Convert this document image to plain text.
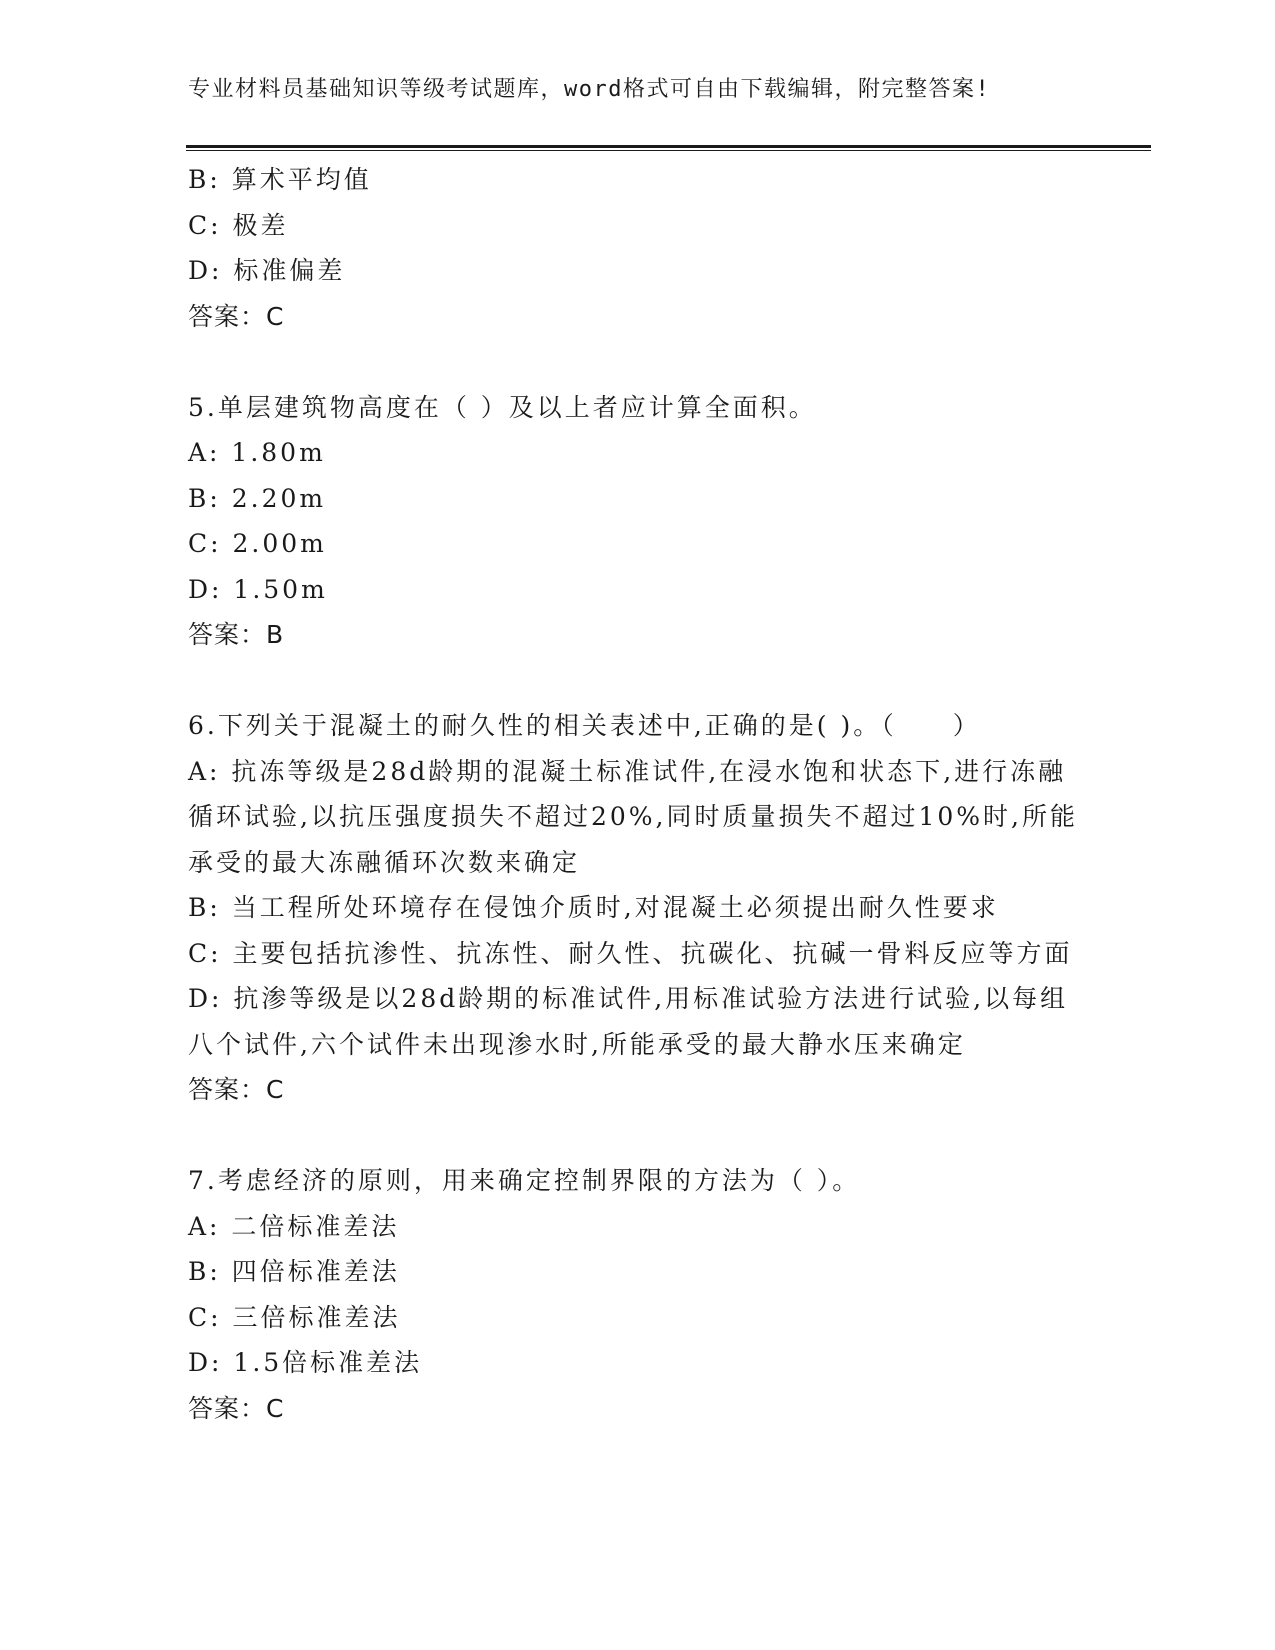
专业材料员基础知识等级考试题库，word格式可自由下载编辑，附完整答案!
B: 算术平均值
C: 极差
D: 标准偏差
答案：C
5.单层建筑物高度在（ ）及以上者应计算全面积。
A: 1.80m
B: 2.20m
C: 2.00m
D: 1.50m
答案：B
6.下列关于混凝土的耐久性的相关表述中,正确的是( )。（　　）
A: 抗冻等级是28d龄期的混凝土标准试件,在浸水饱和状态下,进行冻融循环试验,以抗压强度损失不超过20%,同时质量损失不超过10%时,所能承受的最大冻融循环次数来确定
B: 当工程所处环境存在侵蚀介质时,对混凝土必须提出耐久性要求
C: 主要包括抗渗性、抗冻性、耐久性、抗碳化、抗碱一骨料反应等方面
D: 抗渗等级是以28d龄期的标准试件,用标准试验方法进行试验,以每组八个试件,六个试件未出现渗水时,所能承受的最大静水压来确定
答案：C
7.考虑经济的原则，用来确定控制界限的方法为（ ）。
A: 二倍标准差法
B: 四倍标准差法
C: 三倍标准差法
D: 1.5倍标准差法
答案：C
